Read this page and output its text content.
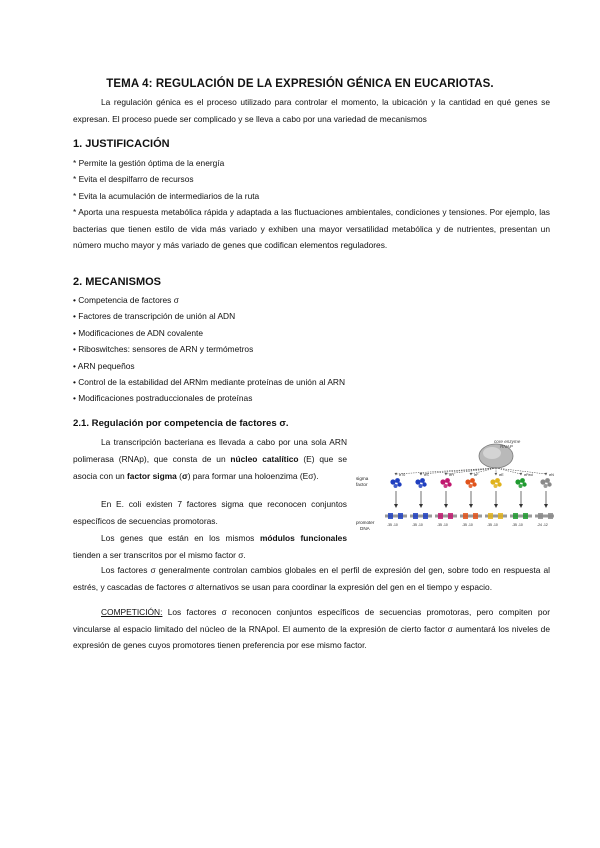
TEMA 4: REGULACIÓN DE LA EXPRESIÓN GÉNICA EN EUCARIOTAS.

La regulación génica es el proceso utilizado para controlar el momento, la ubicación y la cantidad en qué genes se expresan. El proceso puede ser complicado y se lleva a cabo por una variedad de mecanismos

1. JUSTIFICACIÓN
* Permite la gestión óptima de la energía
* Evita el despilfarro de recursos
* Evita la acumulación de intermediarios de la ruta

* Aporta una respuesta metabólica rápida y adaptada a las fluctuaciones ambientales, condiciones y tensiones. Por ejemplo, las bacterias que tienen estilo de vida más variado y exhiben una mayor versatilidad metabólica y de nutrientes, presentan un número mucho mayor y más variado de genes que codifican elementos reguladores.

2. MECANISMOS
• Competencia de factores σ
• Factores de transcripción de unión al ADN
• Modificaciones de ADN covalente
• Riboswitches: sensores de ARN y termómetros
• ARN pequeños
• Control de la estabilidad del ARNm mediante proteínas de unión al ARN
• Modificaciones postraduccionales de proteínas
2.1. Regulación por competencia de factores σ.

La transcripción bacteriana es llevada a cabo por una sola ARN polimerasa (RNAp), que consta de un núcleo catalítico (E) que se asocia con un factor sigma (σ) para formar una holoenzima (Eσ).

En E. coli existen 7 factores sigma que reconocen conjuntos específicos de secuencias promotoras.

Los genes que están en los mismos módulos funcionales tienden a ser transcritos por el mismo factor σ.

Los factores σ generalmente controlan cambios globales en el perfil de expresión del gen, sobre todo en respuesta al estrés, y cascadas de factores σ alternativos se usan para coordinar la expresión del gen en el tiempo y espacio.

COMPETICIÓN: Los factores σ reconocen conjuntos específicos de secuencias promotoras, pero compiten por vincularse al espacio limitado del núcleo de la RNApol. El aumento de la expresión de cierto factor σ aumentará los niveles de expresión de genes cuyos promotores tienen preferencia por ese mismo factor.

core enzyme
RNAP
sigma
factor
promoter
DNA
σ70
-35 -10
σS
-35 -10
σH
-35 -10
σF
-35 -10
σE
-35 -10
σFecI
-35 -10
σN
-24 -12
